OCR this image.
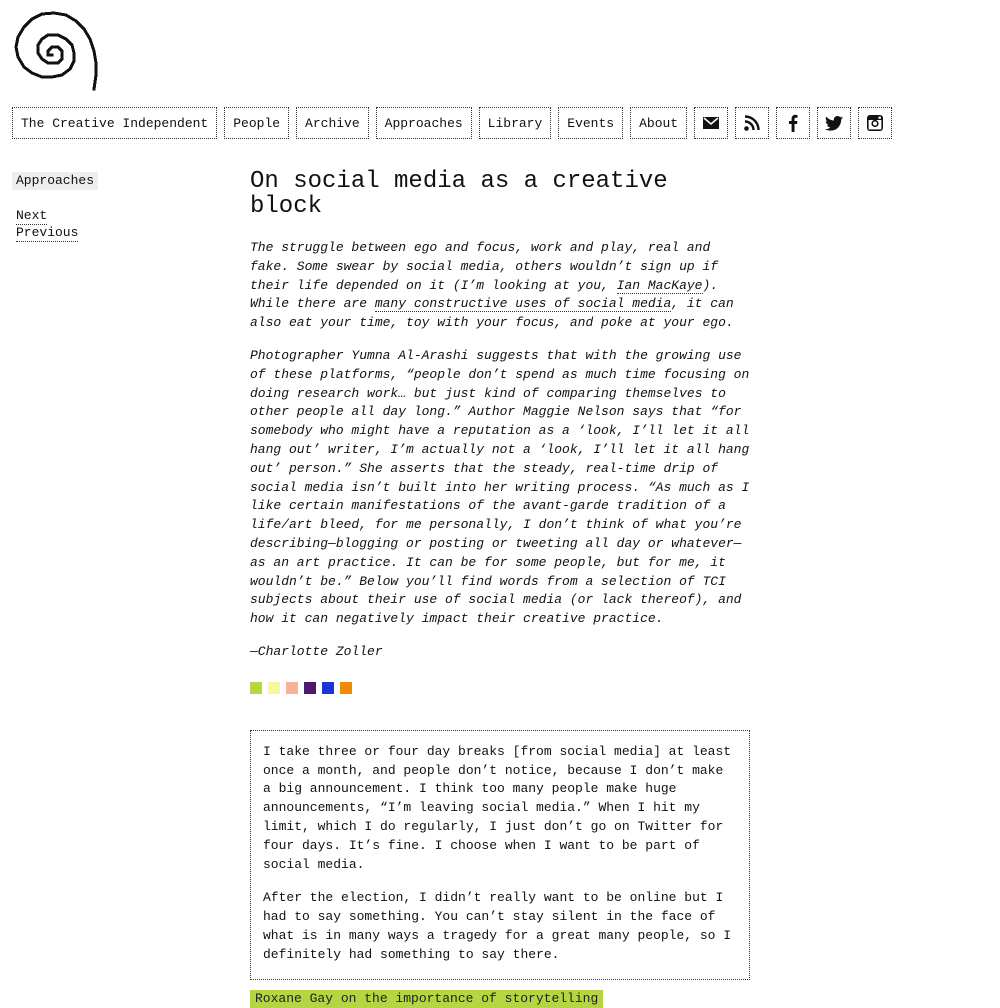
The Creative Independent	People	Archive	Approaches	Library	Events	About
Approaches
Next
Previous
On social media as a creative block

The struggle between ego and focus, work and play, real and fake. Some swear by social media, others wouldn’t sign up if their life depended on it (I’m looking at you, Ian MacKaye). While there are many constructive uses of social media, it can also eat your time, toy with your focus, and poke at your ego.

Photographer Yumna Al-Arashi suggests that with the growing use of these platforms, “people don’t spend as much time focusing on doing research work… but just kind of comparing themselves to other people all day long.” Author Maggie Nelson says that “for somebody who might have a reputation as a ‘look, I’ll let it all hang out’ writer, I’m actually not a ‘look, I’ll let it all hang out’ person.” She asserts that the steady, real-time drip of social media isn’t built into her writing process. “As much as I like certain manifestations of the avant-garde tradition of a life/art bleed, for me personally, I don’t think of what you’re describing—blogging or posting or tweeting all day or whatever—as an art practice. It can be for some people, but for me, it wouldn’t be.” Below you’ll find words from a selection of TCI subjects about their use of social media (or lack thereof), and how it can negatively impact their creative practice.

—Charlotte Zoller

I take three or four day breaks [from social media] at least once a month, and people don’t notice, because I don’t make a big announcement. I think too many people make huge announcements, “I’m leaving social media.” When I hit my limit, which I do regularly, I just don’t go on Twitter for four days. It’s fine. I choose when I want to be part of social media.

After the election, I didn’t really want to be online but I had to say something. You can’t stay silent in the face of what is in many ways a tragedy for a great many people, so I definitely had something to say there.

Roxane Gay on the importance of storytelling
